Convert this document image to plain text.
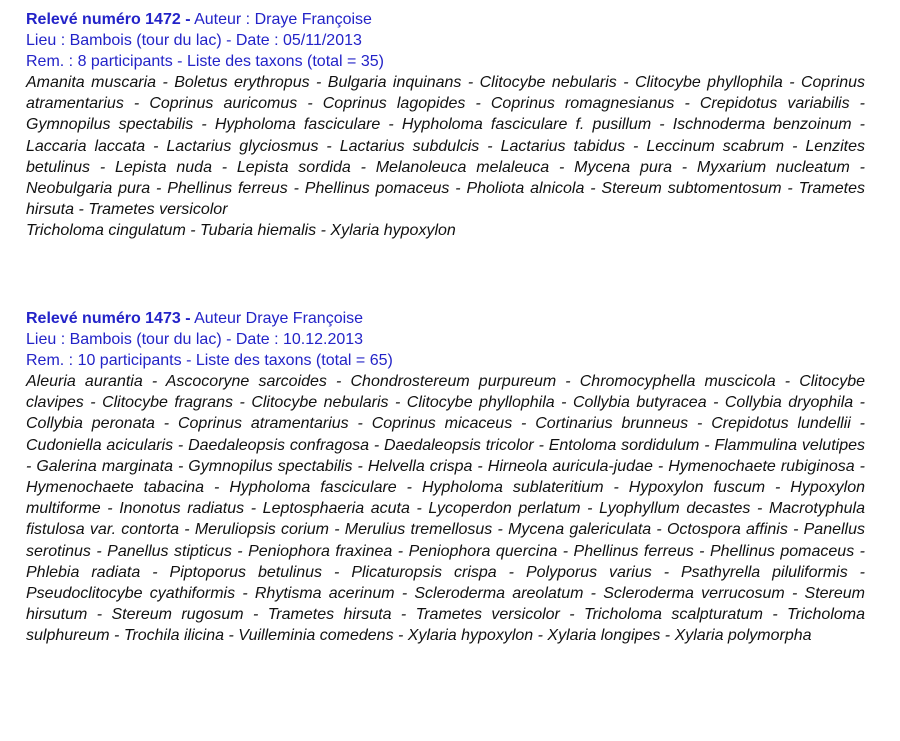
Relevé numéro 1472 - Auteur : Draye Françoise
Lieu : Bambois (tour du lac) - Date : 05/11/2013
Rem. : 8 participants - Liste des taxons (total = 35)

Amanita muscaria - Boletus erythropus - Bulgaria inquinans - Clitocybe nebularis - Clitocybe phyllophila - Coprinus atramentarius - Coprinus auricomus - Coprinus lagopides - Coprinus romagnesianus - Crepidotus variabilis - Gymnopilus spectabilis - Hypholoma fasciculare - Hypholoma fasciculare f. pusillum - Ischnoderma benzoinum - Laccaria laccata - Lactarius glyciosmus - Lactarius subdulcis - Lactarius tabidus - Leccinum scabrum - Lenzites betulinus - Lepista nuda - Lepista sordida - Melanoleuca melaleuca - Mycena pura - Myxarium nucleatum - Neobulgaria pura - Phellinus ferreus - Phellinus pomaceus - Pholiota alnicola - Stereum subtomentosum - Trametes hirsuta - Trametes versicolor

Tricholoma cingulatum - Tubaria hiemalis - Xylaria hypoxylon

Relevé numéro 1473 - Auteur Draye Françoise
Lieu : Bambois (tour du lac) - Date : 10.12.2013
Rem. : 10 participants - Liste des taxons (total = 65)

Aleuria aurantia - Ascocoryne sarcoides - Chondrostereum purpureum - Chromocyphella muscicola - Clitocybe clavipes - Clitocybe fragrans - Clitocybe nebularis - Clitocybe phyllophila - Collybia butyracea - Collybia dryophila - Collybia peronata - Coprinus atramentarius - Coprinus micaceus - Cortinarius brunneus - Crepidotus lundellii - Cudoniella acicularis - Daedaleopsis confragosa - Daedaleopsis tricolor - Entoloma sordidulum - Flammulina velutipes - Galerina marginata - Gymnopilus spectabilis - Helvella crispa - Hirneola auricula-judae - Hymenochaete rubiginosa - Hymenochaete tabacina - Hypholoma fasciculare - Hypholoma sublateritium - Hypoxylon fuscum - Hypoxylon multiforme - Inonotus radiatus - Leptosphaeria acuta - Lycoperdon perlatum - Lyophyllum decastes - Macrotyphula fistulosa var. contorta - Meruliopsis corium - Merulius tremellosus - Mycena galericulata - Octospora affinis - Panellus serotinus - Panellus stipticus - Peniophora fraxinea - Peniophora quercina - Phellinus ferreus - Phellinus pomaceus - Phlebia radiata - Piptoporus betulinus - Plicaturopsis crispa - Polyporus varius - Psathyrella piluliformis - Pseudoclitocybe cyathiformis - Rhytisma acerinum - Scleroderma areolatum - Scleroderma verrucosum - Stereum hirsutum - Stereum rugosum - Trametes hirsuta - Trametes versicolor - Tricholoma scalpturatum - Tricholoma sulphureum - Trochila ilicina - Vuilleminia comedens - Xylaria hypoxylon - Xylaria longipes - Xylaria polymorpha
